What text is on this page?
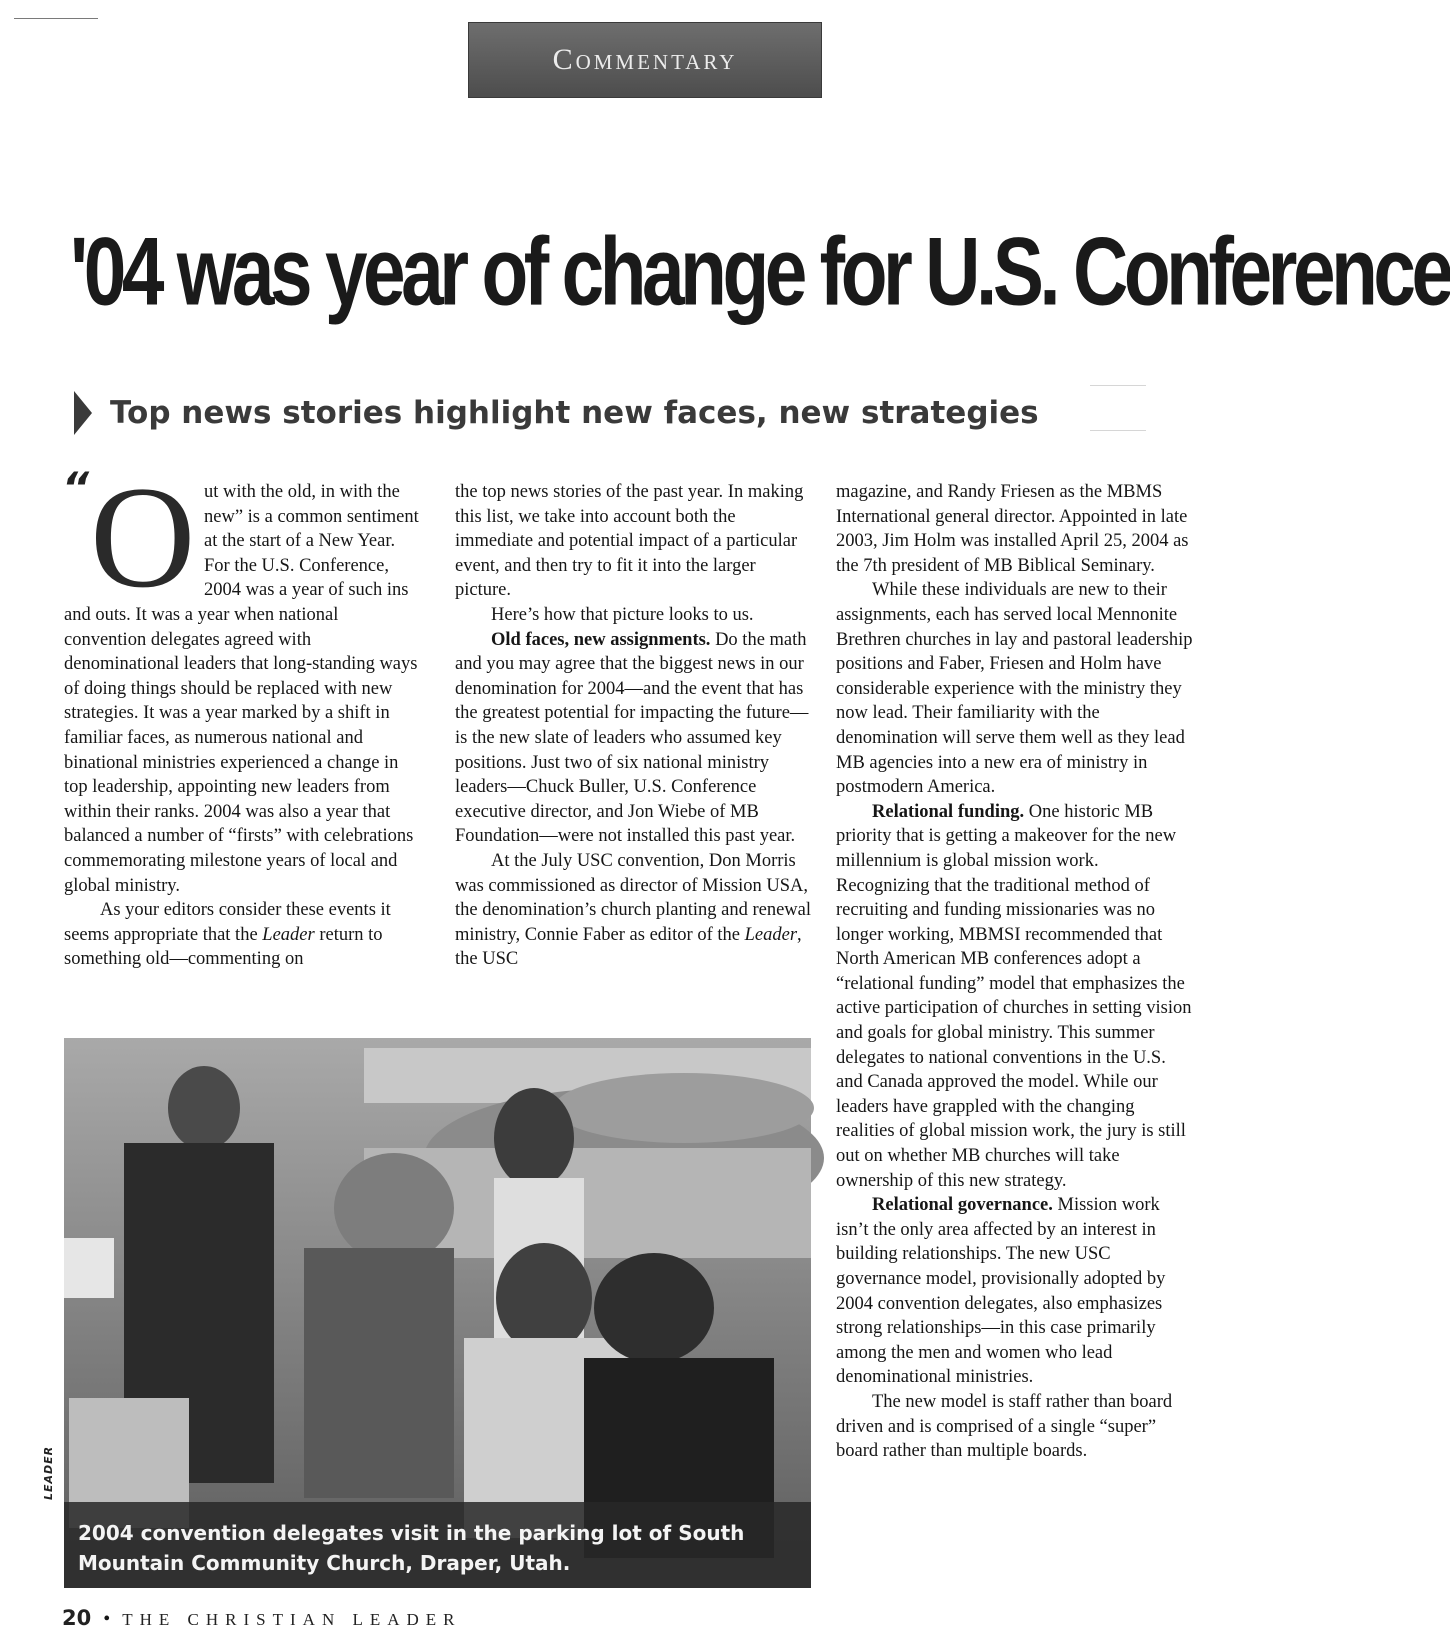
Commentary
'04 was year of change for U.S. Conference
Top news stories highlight new faces, new strategies
“ O ut with the old, in with the new” is a common sentiment at the start of a New Year. For the U.S. Conference, 2004 was a year of such ins and outs. It was a year when national convention delegates agreed with denominational leaders that long-standing ways of doing things should be replaced with new strategies. It was a year marked by a shift in familiar faces, as numerous national and binational ministries experienced a change in top leadership, appointing new leaders from within their ranks. 2004 was also a year that balanced a number of “firsts” with celebrations commemorating milestone years of local and global ministry.

As your editors consider these events it seems appropriate that the Leader return to something old—commenting on

the top news stories of the past year. In making this list, we take into account both the immediate and potential impact of a particular event, and then try to fit it into the larger picture.

Here’s how that picture looks to us.

Old faces, new assignments. Do the math and you may agree that the biggest news in our denomination for 2004—and the event that has the greatest potential for impacting the future—is the new slate of leaders who assumed key positions. Just two of six national ministry leaders—Chuck Buller, U.S. Conference executive director, and Jon Wiebe of MB Foundation—were not installed this past year.

At the July USC convention, Don Morris was commissioned as director of Mission USA, the denomination’s church planting and renewal ministry, Connie Faber as editor of the Leader, the USC

magazine, and Randy Friesen as the MBMS International general director. Appointed in late 2003, Jim Holm was installed April 25, 2004 as the 7th president of MB Biblical Seminary.

While these individuals are new to their assignments, each has served local Mennonite Brethren churches in lay and pastoral leadership positions and Faber, Friesen and Holm have considerable experience with the ministry they now lead. Their familiarity with the denomination will serve them well as they lead MB agencies into a new era of ministry in postmodern America.

Relational funding. One historic MB priority that is getting a makeover for the new millennium is global mission work. Recognizing that the traditional method of recruiting and funding missionaries was no longer working, MBMSI recommended that North American MB conferences adopt a “relational funding” model that emphasizes the active participation of churches in setting vision and goals for global ministry. This summer delegates to national conventions in the U.S. and Canada approved the model. While our leaders have grappled with the changing realities of global mission work, the jury is still out on whether MB churches will take ownership of this new strategy.

Relational governance. Mission work isn’t the only area affected by an interest in building relationships. The new USC governance model, provisionally adopted by 2004 convention delegates, also emphasizes strong relationships—in this case primarily among the men and women who lead denominational ministries.

The new model is staff rather than board driven and is comprised of a single “super” board rather than multiple boards.

2004 convention delegates visit in the parking lot of South Mountain Community Church, Draper, Utah.

LEADER
20 • THE CHRISTIAN LEADER
